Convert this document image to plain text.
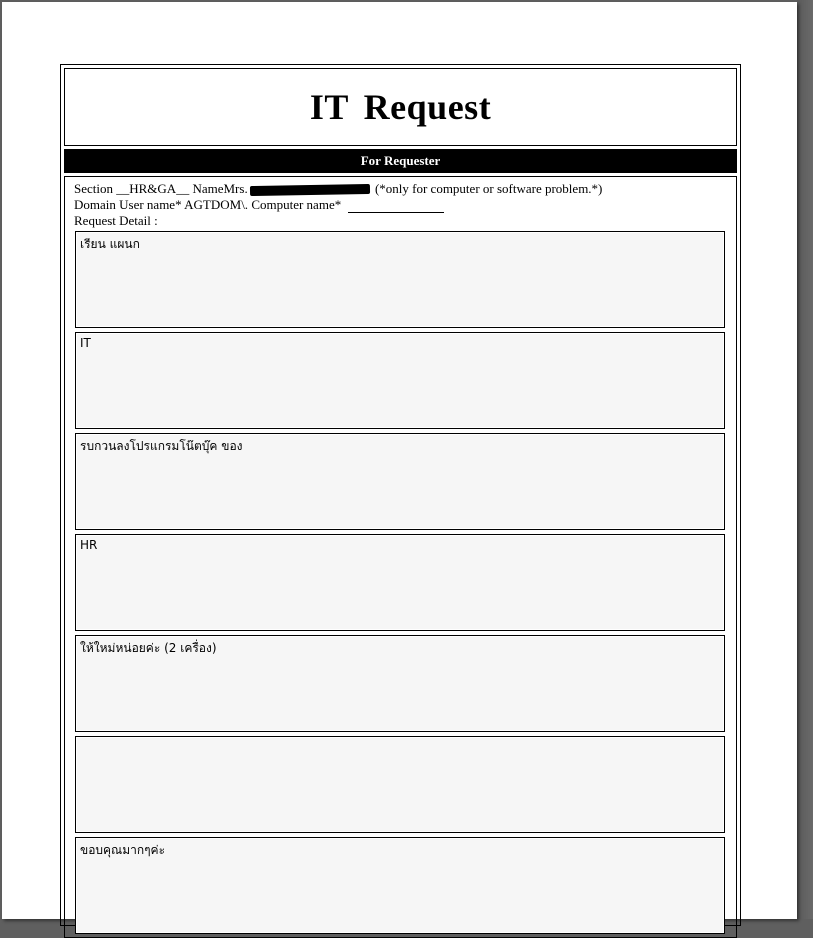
IT Request
For Requester
Section __HR&GA__ NameMrs.	(*only for computer or software problem.*)
Domain User name* AGTDOM\. Computer name*
Request Detail :
เรียน แผนก
IT
รบกวนลงโปรแกรมโน๊ตบุ๊ค ของ
HR
ให้ใหม่หน่อยค่ะ (2 เครื่อง)
ขอบคุณมากๆค่ะ
